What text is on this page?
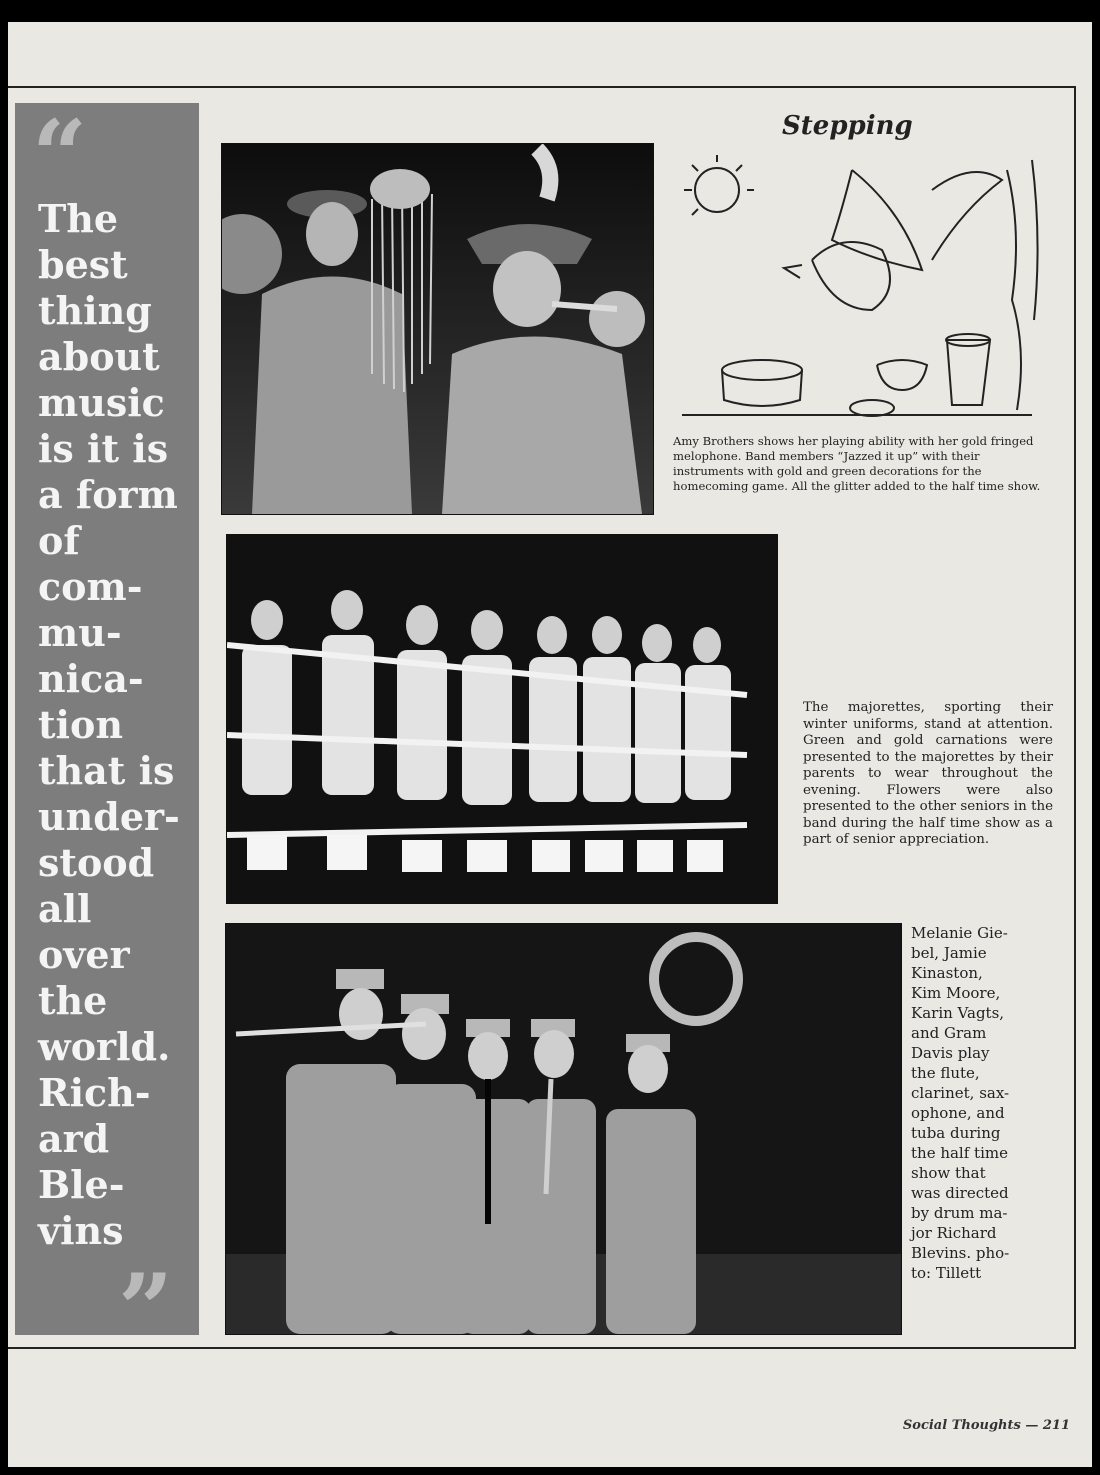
“

The
best
thing
about
music
is it is
a form
of
com-
mu-
nica-
tion
that is
under-
stood
all
over
the
world.
Rich-
ard
Ble-
vins

”
Stepping

Amy Brothers shows her playing ability with her gold fringed melophone. Band members “Jazzed it up” with their instruments with gold and green decorations for the homecoming game. All the glitter added to the half time show.

The majorettes, sporting their winter uniforms, stand at attention. Green and gold carnations were presented to the majorettes by their parents to wear throughout the evening. Flowers were also presented to the other seniors in the band during the half time show as a part of senior appreciation.

Melanie Gie-
bel, Jamie
Kinaston,
Kim Moore,
Karin Vagts,
and Gram
Davis play
the flute,
clarinet, sax-
ophone, and
tuba during
the half time
show that
was directed
by drum ma-
jor Richard
Blevins. pho-
to: Tillett

Social Thoughts — 211
